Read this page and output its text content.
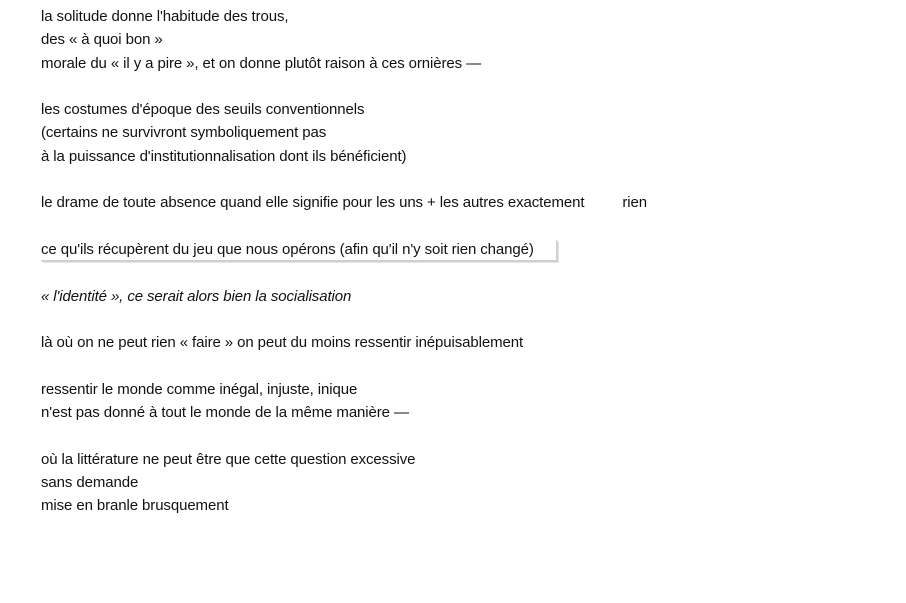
la solitude donne l'habitude des trous,
des « à quoi bon »
morale du « il y a pire », et on donne plutôt raison à ces ornières —
les costumes d'époque des seuils conventionnels
(certains ne survivront symboliquement pas
à la puissance d'institutionnalisation dont ils bénéficient)
le drame de toute absence quand elle signifie pour les uns + les autres exactement	rien
ce qu'ils récupèrent du jeu que nous opérons (afin qu'il n'y soit rien changé)
« l'identité », ce serait alors bien la socialisation
là où on ne peut rien « faire » on peut du moins ressentir inépuisablement
ressentir le monde comme inégal, injuste, inique
n'est pas donné à tout le monde de la même manière —
où la littérature ne peut être que cette question excessive
sans demande
mise en branle brusquement
